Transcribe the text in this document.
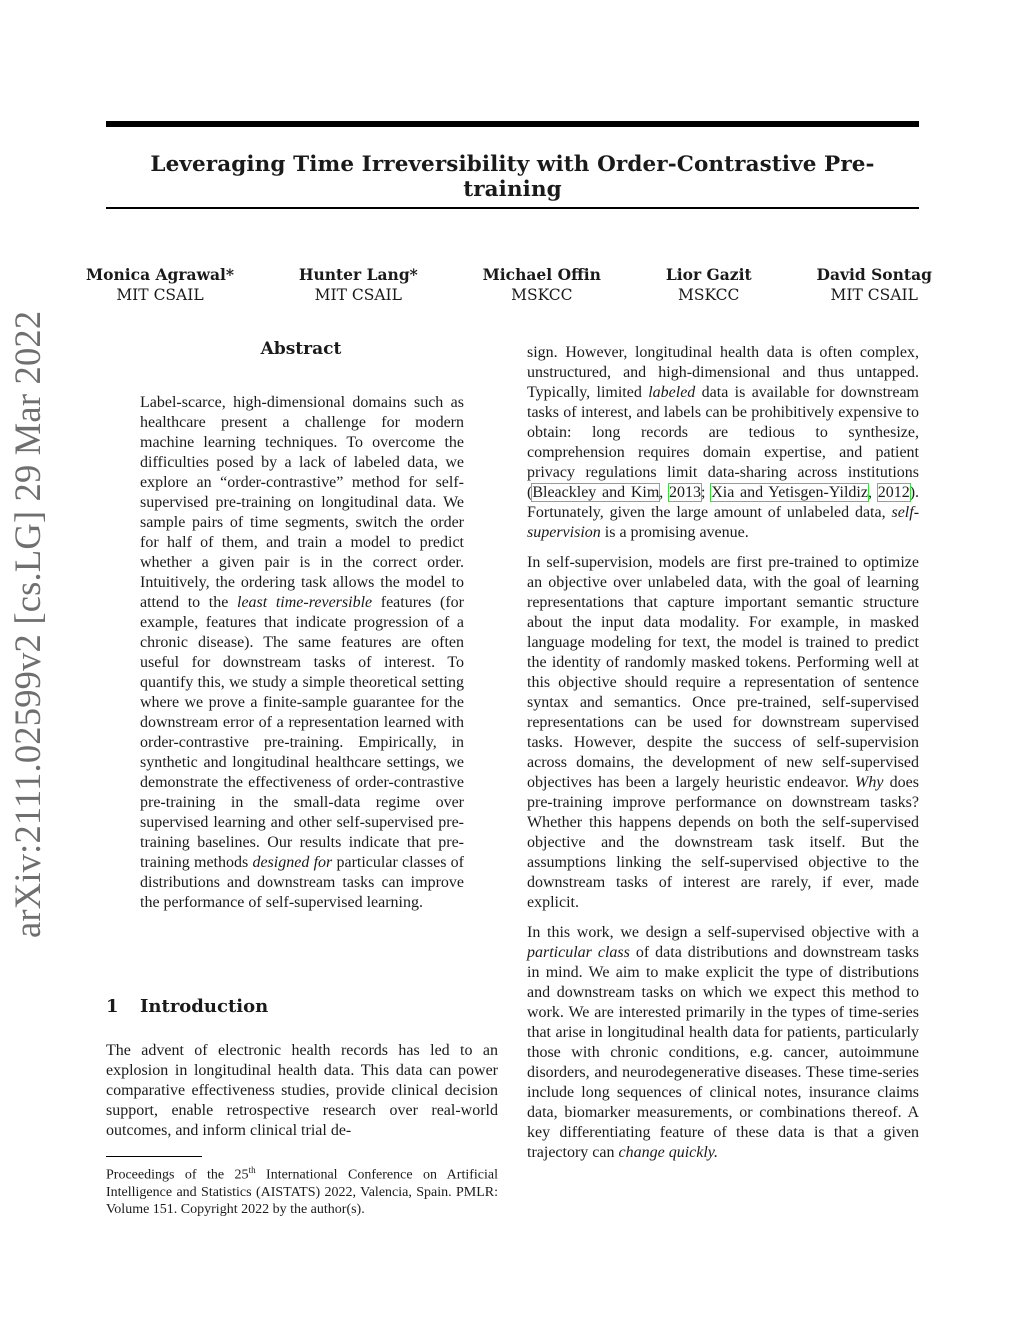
Leveraging Time Irreversibility with Order-Contrastive Pre-training
Monica Agrawal*
MIT CSAIL
Hunter Lang*
MIT CSAIL
Michael Offin
MSKCC
Lior Gazit
MSKCC
David Sontag
MIT CSAIL
arXiv:2111.02599v2 [cs.LG] 29 Mar 2022	Abstract
Label-scarce, high-dimensional domains such as healthcare present a challenge for modern machine learning techniques. To overcome the difficulties posed by a lack of labeled data, we explore an “order-contrastive” method for self-supervised pre-training on longitudinal data. We sample pairs of time segments, switch the order for half of them, and train a model to predict whether a given pair is in the correct order. Intuitively, the ordering task allows the model to attend to the least time-reversible features (for example, features that indicate progression of a chronic disease). The same features are often useful for downstream tasks of interest. To quantify this, we study a simple theoretical setting where we prove a finite-sample guarantee for the downstream error of a representation learned with order-contrastive pre-training. Empirically, in synthetic and longitudinal healthcare settings, we demonstrate the effectiveness of order-contrastive pre-training in the small-data regime over supervised learning and other self-supervised pre-training baselines. Our results indicate that pre-training methods designed for particular classes of distributions and downstream tasks can improve the performance of self-supervised learning.
1 Introduction
The advent of electronic health records has led to an explosion in longitudinal health data. This data can power comparative effectiveness studies, provide clinical decision support, enable retrospective research over real-world outcomes, and inform clinical trial de-
Proceedings of the 25th International Conference on Artificial Intelligence and Statistics (AISTATS) 2022, Valencia, Spain. PMLR: Volume 151. Copyright 2022 by the author(s).

sign. However, longitudinal health data is often complex, unstructured, and high-dimensional and thus untapped. Typically, limited labeled data is available for downstream tasks of interest, and labels can be prohibitively expensive to obtain: long records are tedious to synthesize, comprehension requires domain expertise, and patient privacy regulations limit data-sharing across institutions (Bleackley and Kim, 2013; Xia and Yetisgen-Yildiz, 2012). Fortunately, given the large amount of unlabeled data, self-supervision is a promising avenue.

In self-supervision, models are first pre-trained to optimize an objective over unlabeled data, with the goal of learning representations that capture important semantic structure about the input data modality. For example, in masked language modeling for text, the model is trained to predict the identity of randomly masked tokens. Performing well at this objective should require a representation of sentence syntax and semantics. Once pre-trained, self-supervised representations can be used for downstream supervised tasks. However, despite the success of self-supervision across domains, the development of new self-supervised objectives has been a largely heuristic endeavor. Why does pre-training improve performance on downstream tasks? Whether this happens depends on both the self-supervised objective and the downstream task itself. But the assumptions linking the self-supervised objective to the downstream tasks of interest are rarely, if ever, made explicit.

In this work, we design a self-supervised objective with a particular class of data distributions and downstream tasks in mind. We aim to make explicit the type of distributions and downstream tasks on which we expect this method to work. We are interested primarily in the types of time-series that arise in longitudinal health data for patients, particularly those with chronic conditions, e.g. cancer, autoimmune disorders, and neurodegenerative diseases. These time-series include long sequences of clinical notes, insurance claims data, biomarker measurements, or combinations thereof. A key differentiating feature of these data is that a given trajectory can change quickly.
